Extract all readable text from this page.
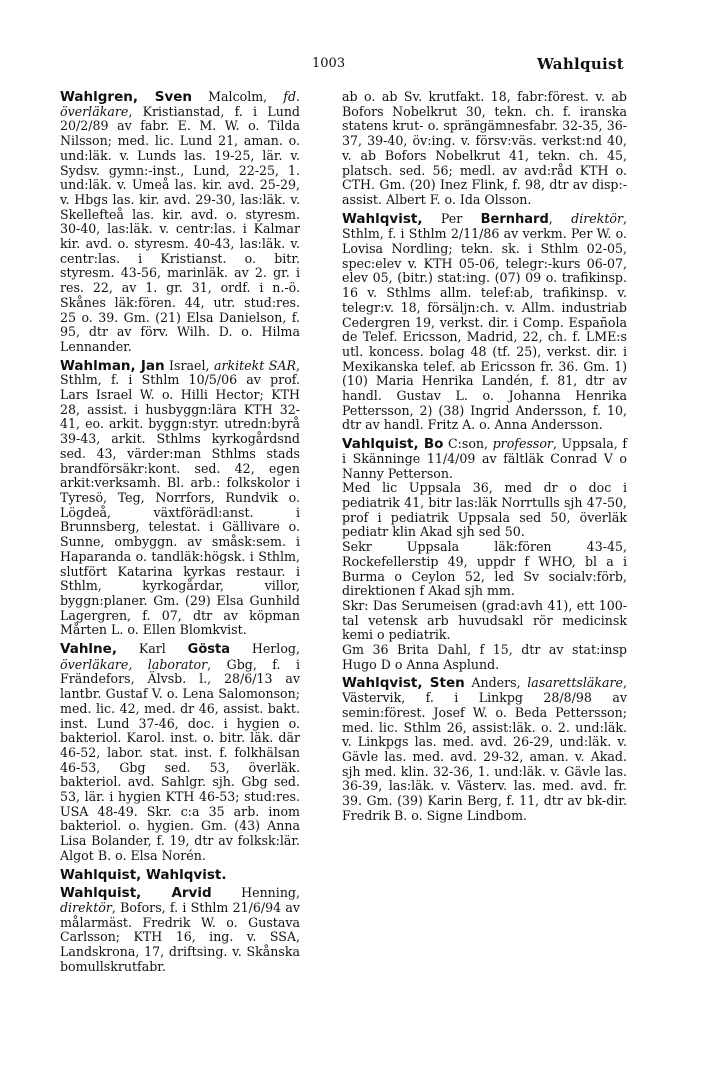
1003	Wahlquist

Wahlgren, Sven Malcolm, fd. överläkare, Kristianstad, f. i Lund 20/2/89 av fabr. E. M. W. o. Tilda Nilsson; med. lic. Lund 21, aman. o. und:läk. v. Lunds las. 19-25, lär. v. Sydsv. gymn:-inst., Lund, 22-25, 1. und:läk. v. Umeå las. kir. avd. 25-29, v. Hbgs las. kir. avd. 29-30, las:läk. v. Skellefteå las. kir. avd. o. styresm. 30-40, las:läk. v. centr:las. i Kalmar kir. avd. o. styresm. 40-43, las:läk. v. centr:las. i Kristianst. o. bitr. styresm. 43-56, marinläk. av 2. gr. i res. 22, av 1. gr. 31, ordf. i n.-ö. Skånes läk:fören. 44, utr. stud:res. 25 o. 39. Gm. (21) Elsa Danielson, f. 95, dtr av förv. Wilh. D. o. Hilma Lennander.

Wahlman, Jan Israel, arkitekt SAR, Sthlm, f. i Sthlm 10/5/06 av prof. Lars Israel W. o. Hilli Hector; KTH 28, assist. i husbyggn:lära KTH 32-41, eo. arkit. byggn:styr. utredn:byrå 39-43, arkit. Sthlms kyrkogårdsnd sed. 43, värder:man Sthlms stads brandförsäkr:kont. sed. 42, egen arkit:verksamh. Bl. arb.: folkskolor i Tyresö, Teg, Norrfors, Rundvik o. Lögdeå, växtförädl:anst. i Brunnsberg, telestat. i Gällivare o. Sunne, ombyggn. av småsk:sem. i Haparanda o. tandläk:högsk. i Sthlm, slutfört Katarina kyrkas restaur. i Sthlm, kyrkogårdar, villor, byggn:planer. Gm. (29) Elsa Gunhild Lagergren, f. 07, dtr av köpman Mårten L. o. Ellen Blomkvist.

Vahlne, Karl Gösta Herlog, överläkare, laborator, Gbg, f. i Frändefors, Älvsb. l., 28/6/13 av lantbr. Gustaf V. o. Lena Salomonson; med. lic. 42, med. dr 46, assist. bakt. inst. Lund 37-46, doc. i hygien o. bakteriol. Karol. inst. o. bitr. läk. där 46-52, labor. stat. inst. f. folkhälsan 46-53, Gbg sed. 53, överläk. bakteriol. avd. Sahlgr. sjh. Gbg sed. 53, lär. i hygien KTH 46-53; stud:res. USA 48-49. Skr. c:a 35 arb. inom bakteriol. o. hygien. Gm. (43) Anna Lisa Bolander, f. 19, dtr av folksk:lär. Algot B. o. Elsa Norén.

Wahlquist, Wahlqvist.

Wahlquist, Arvid Henning, direktör, Bofors, f. i Sthlm 21/6/94 av målarmäst. Fredrik W. o. Gustava Carlsson; KTH 16, ing. v. SSA, Landskrona, 17, driftsing. v. Skånska bomullskrutfabr.

ab o. ab Sv. krutfakt. 18, fabr:förest. v. ab Bofors Nobelkrut 30, tekn. ch. f. iranska statens krut- o. sprängämnesfabr. 32-35, 36-37, 39-40, öv:ing. v. försv:väs. verkst:nd 40, v. ab Bofors Nobelkrut 41, tekn. ch. 45, platsch. sed. 56; medl. av avd:råd KTH o. CTH. Gm. (20) Inez Flink, f. 98, dtr av disp:-assist. Albert F. o. Ida Olsson.

Wahlqvist, Per Bernhard, direktör, Sthlm, f. i Sthlm 2/11/86 av verkm. Per W. o. Lovisa Nordling; tekn. sk. i Sthlm 02-05, spec:elev v. KTH 05-06, telegr:-kurs 06-07, elev 05, (bitr.) stat:ing. (07) 09 o. trafikinsp. 16 v. Sthlms allm. telef:ab, trafikinsp. v. telegr:v. 18, försäljn:ch. v. Allm. industriab Cedergren 19, verkst. dir. i Comp. Española de Telef. Ericsson, Madrid, 22, ch. f. LME:s utl. koncess. bolag 48 (tf. 25), verkst. dir. i Mexikanska telef. ab Ericsson fr. 36. Gm. 1) (10) Maria Henrika Landén, f. 81, dtr av handl. Gustav L. o. Johanna Henrika Pettersson, 2) (38) Ingrid Andersson, f. 10, dtr av handl. Fritz A. o. Anna Andersson.

Vahlquist, Bo C:son, professor, Uppsala, f i Skänninge 11/4/09 av fältläk Conrad V o Nanny Petterson.
Med lic Uppsala 36, med dr o doc i pediatrik 41, bitr las:läk Norrtulls sjh 47-50, prof i pediatrik Uppsala sed 50, överläk pediatr klin Akad sjh sed 50.
Sekr Uppsala läk:fören 43-45, Rockefellerstip 49, uppdr f WHO, bl a i Burma o Ceylon 52, led Sv socialv:förb, direktionen f Akad sjh mm.
Skr: Das Serumeisen (grad:avh 41), ett 100-tal vetensk arb huvudsakl rör medicinsk kemi o pediatrik.
Gm 36 Brita Dahl, f 15, dtr av stat:insp Hugo D o Anna Asplund.

Wahlqvist, Sten Anders, lasarettsläkare, Västervik, f. i Linkpg 28/8/98 av semin:förest. Josef W. o. Beda Pettersson; med. lic. Sthlm 26, assist:läk. o. 2. und:läk. v. Linkpgs las. med. avd. 26-29, und:läk. v. Gävle las. med. avd. 29-32, aman. v. Akad. sjh med. klin. 32-36, 1. und:läk. v. Gävle las. 36-39, las:läk. v. Västerv. las. med. avd. fr. 39. Gm. (39) Karin Berg, f. 11, dtr av bk-dir. Fredrik B. o. Signe Lindbom.
